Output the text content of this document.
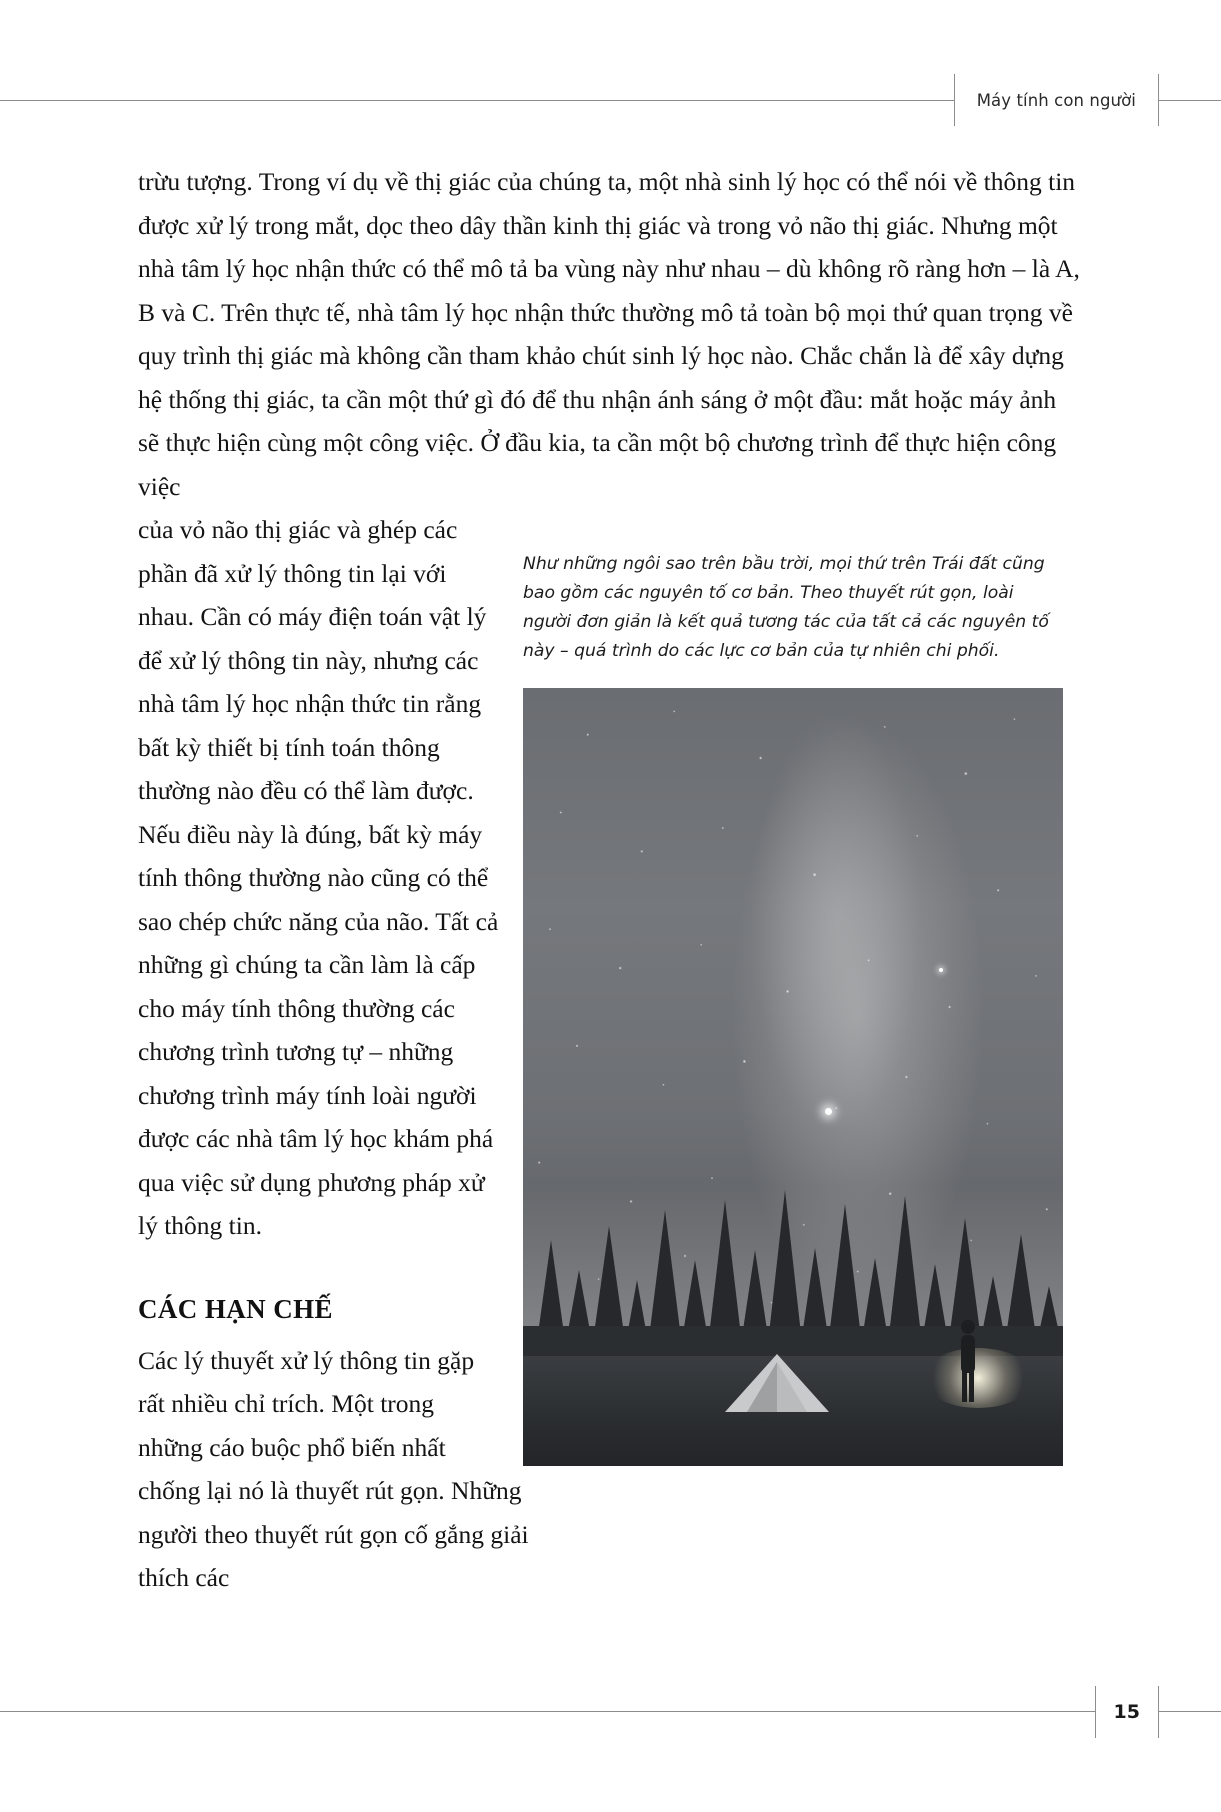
Máy tính con người

trừu tượng. Trong ví dụ về thị giác của chúng ta, một nhà sinh lý học có thể nói về thông tin được xử lý trong mắt, dọc theo dây thần kinh thị giác và trong vỏ não thị giác. Nhưng một nhà tâm lý học nhận thức có thể mô tả ba vùng này như nhau – dù không rõ ràng hơn – là A, B và C. Trên thực tế, nhà tâm lý học nhận thức thường mô tả toàn bộ mọi thứ quan trọng về quy trình thị giác mà không cần tham khảo chút sinh lý học nào. Chắc chắn là để xây dựng hệ thống thị giác, ta cần một thứ gì đó để thu nhận ánh sáng ở một đầu: mắt hoặc máy ảnh sẽ thực hiện cùng một công việc. Ở đầu kia, ta cần một bộ chương trình để thực hiện công việc

Như những ngôi sao trên bầu trời, mọi thứ trên Trái đất cũng bao gồm các nguyên tố cơ bản. Theo thuyết rút gọn, loài người đơn giản là kết quả tương tác của tất cả các nguyên tố này – quá trình do các lực cơ bản của tự nhiên chi phối.

của vỏ não thị giác và ghép các phần đã xử lý thông tin lại với nhau. Cần có máy điện toán vật lý để xử lý thông tin này, nhưng các nhà tâm lý học nhận thức tin rằng bất kỳ thiết bị tính toán thông thường nào đều có thể làm được. Nếu điều này là đúng, bất kỳ máy tính thông thường nào cũng có thể sao chép chức năng của não. Tất cả những gì chúng ta cần làm là cấp cho máy tính thông thường các chương trình tương tự – những chương trình máy tính loài người được các nhà tâm lý học khám phá qua việc sử dụng phương pháp xử lý thông tin.

CÁC HẠN CHẾ

Các lý thuyết xử lý thông tin gặp rất nhiều chỉ trích. Một trong những cáo buộc phổ biến nhất chống lại nó là thuyết rút gọn. Những người theo thuyết rút gọn cố gắng giải thích các

15
